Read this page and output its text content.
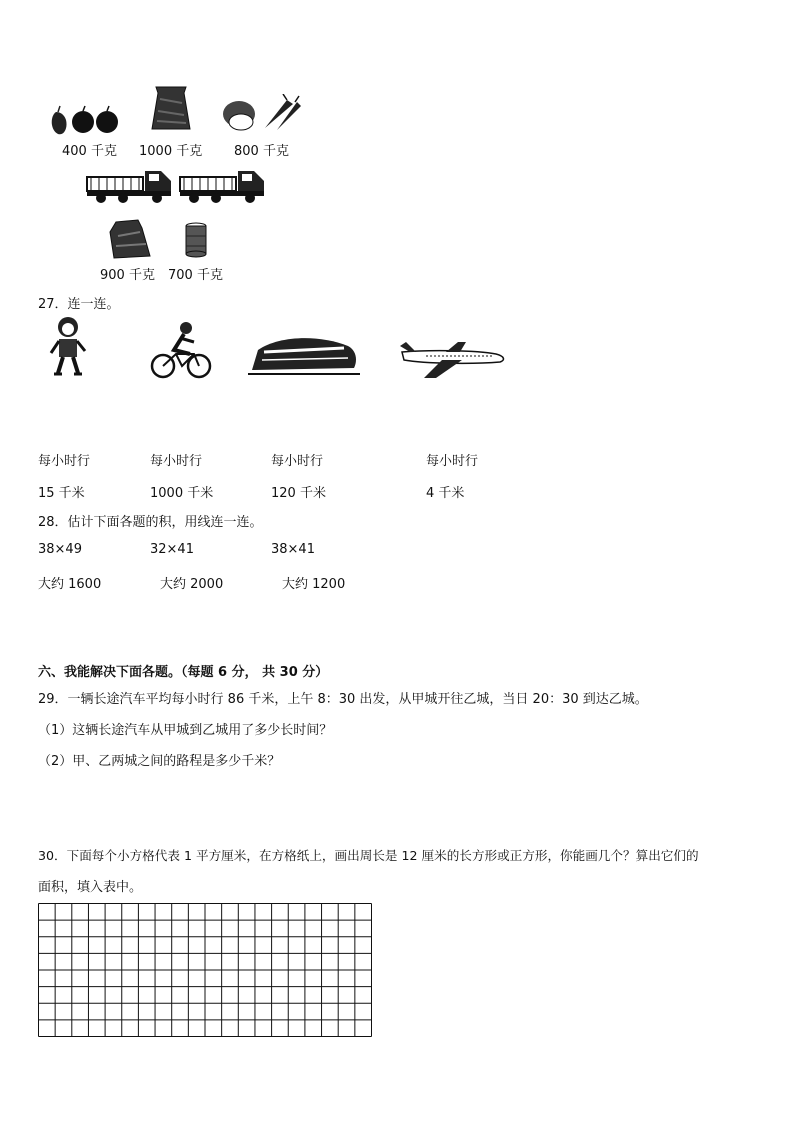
400 千克 1000 千克 800 千克
900 千克 700 千克
27．连一连。
每小时行
15 千米
每小时行
1000 千米
每小时行
120 千米
每小时行
4 千米
28．估计下面各题的积，用线连一连。
38×49	32×41	38×41
大约 1600	大约 2000	大约 1200
六、我能解决下面各题。（每题 6 分， 共 30 分）
29．一辆长途汽车平均每小时行 86 千米，上午 8：30 出发，从甲城开往乙城，当日 20：30 到达乙城。
（1）这辆长途汽车从甲城到乙城用了多少长时间？
（2）甲、乙两城之间的路程是多少千米？
30．下面每个小方格代表 1 平方厘米，在方格纸上，画出周长是 12 厘米的长方形或正方形，你能画几个？算出它们的
面积，填入表中。
